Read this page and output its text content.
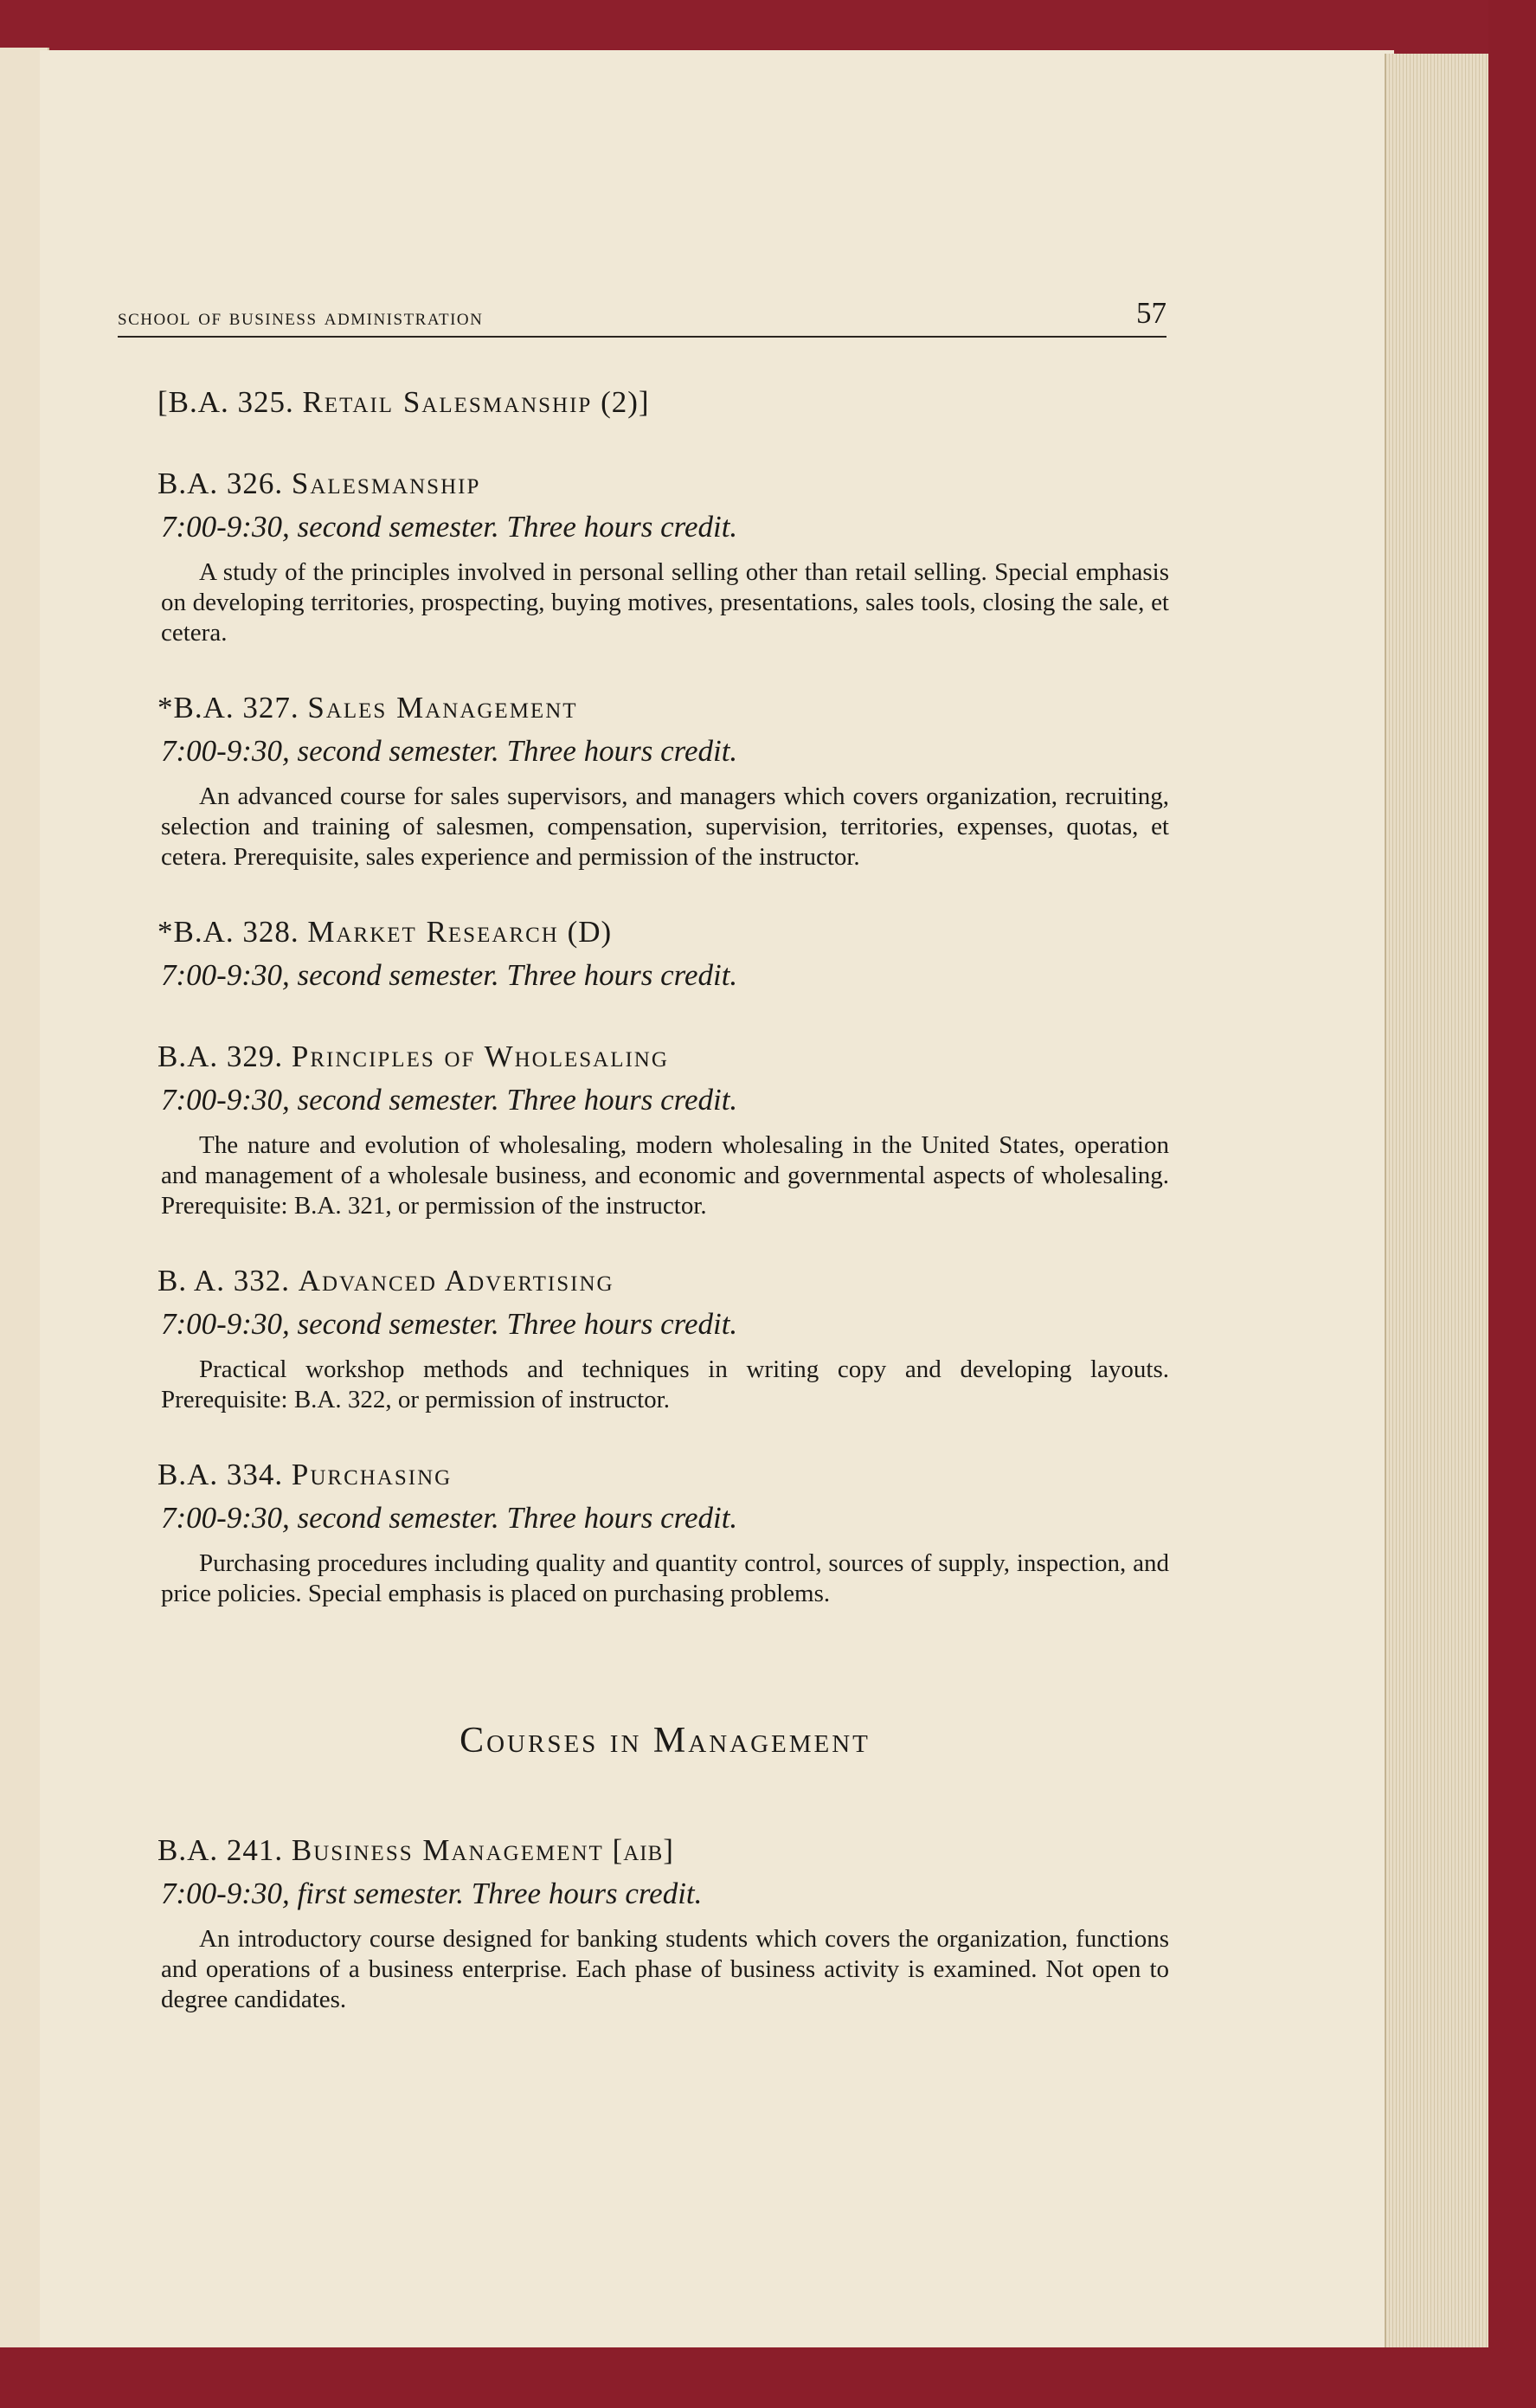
school of business administration	57
[B.A. 325. Retail Salesmanship (2)]
B.A. 326. Salesmanship
7:00-9:30, second semester. Three hours credit.
A study of the principles involved in personal selling other than retail selling. Special emphasis on developing territories, prospecting, buying motives, presentations, sales tools, closing the sale, et cetera.
*B.A. 327. Sales Management
7:00-9:30, second semester. Three hours credit.
An advanced course for sales supervisors, and managers which covers organization, recruiting, selection and training of salesmen, compensation, supervision, territories, expenses, quotas, et cetera. Prerequisite, sales experience and permission of the instructor.
*B.A. 328. Market Research (D)
7:00-9:30, second semester. Three hours credit.
B.A. 329. Principles of Wholesaling
7:00-9:30, second semester. Three hours credit.
The nature and evolution of wholesaling, modern wholesaling in the United States, operation and management of a wholesale business, and economic and governmental aspects of wholesaling. Prerequisite: B.A. 321, or permission of the instructor.
B. A. 332. Advanced Advertising
7:00-9:30, second semester. Three hours credit.
Practical workshop methods and techniques in writing copy and developing layouts. Prerequisite: B.A. 322, or permission of instructor.
B.A. 334. Purchasing
7:00-9:30, second semester. Three hours credit.
Purchasing procedures including quality and quantity control, sources of supply, inspection, and price policies. Special emphasis is placed on purchasing problems.
Courses in Management
B.A. 241. Business Management [aib]
7:00-9:30, first semester. Three hours credit.
An introductory course designed for banking students which covers the organization, functions and operations of a business enterprise. Each phase of business activity is examined. Not open to degree candidates.
